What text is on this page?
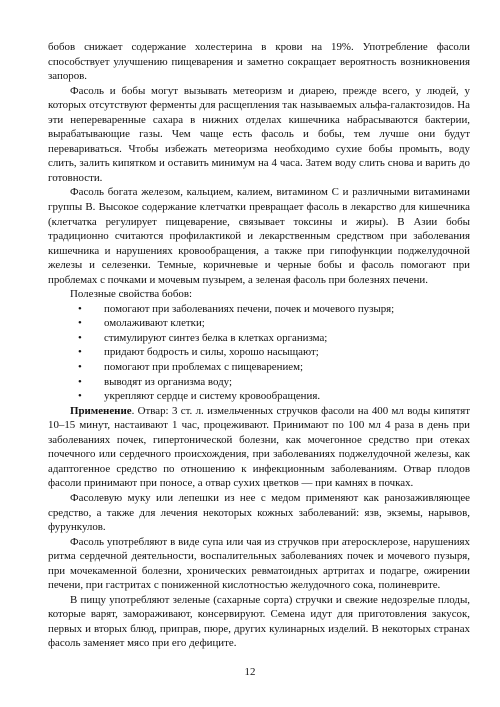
бобов снижает содержание холестерина в крови на 19%. Употребление фасоли способствует улучшению пищеварения и заметно сокращает вероятность возникновения запоров.

Фасоль и бобы могут вызывать метеоризм и диарею, прежде всего, у людей, у которых отсутствуют ферменты для расщепления так называемых альфа-галактозидов. На эти непереваренные сахара в нижних отделах кишечника набрасываются бактерии, вырабатывающие газы. Чем чаще есть фасоль и бобы, тем лучше они будут перевариваться. Чтобы избежать метеоризма необходимо сухие бобы промыть, воду слить, залить кипятком и оставить минимум на 4 часа. Затем воду слить снова и варить до готовности.

Фасоль богата железом, кальцием, калием, витамином С и различными витаминами группы В. Высокое содержание клетчатки превращает фасоль в лекарство для кишечника (клетчатка регулирует пищеварение, связывает токсины и жиры). В Азии бобы традиционно считаются профилактикой и лекарственным средством при заболевания кишечника и нарушениях кровообращения, а также при гипофункции поджелудочной железы и селезенки. Темные, коричневые и черные бобы и фасоль помогают при проблемах с почками и мочевым пузырем, а зеленая фасоль при болезнях печени.

Полезные свойства бобов:

• помогают при заболеваниях печени, почек и мочевого пузыря;
• омолаживают клетки;
• стимулируют синтез белка в клетках организма;
• придают бодрость и силы, хорошо насыщают;
• помогают при проблемах с пищеварением;
• выводят из организма воду;
• укрепляют сердце и систему кровообращения.

Применение. Отвар: 3 ст. л. измельченных стручков фасоли на 400 мл воды кипятят 10–15 минут, настаивают 1 час, процеживают. Принимают по 100 мл 4 раза в день при заболеваниях почек, гипертонической болезни, как мочегонное средство при отеках почечного или сердечного происхождения, при заболеваниях поджелудочной железы, как адаптогенное средство по отношению к инфекционным заболеваниям. Отвар плодов фасоли принимают при поносе, а отвар сухих цветков — при камнях в почках.

Фасолевую муку или лепешки из нее с медом применяют как ранозаживляющее средство, а также для лечения некоторых кожных заболеваний: язв, экземы, нарывов, фурункулов.

Фасоль употребляют в виде супа или чая из стручков при атеросклерозе, нарушениях ритма сердечной деятельности, воспалительных заболеваниях почек и мочевого пузыря, при мочекаменной болезни, хронических ревматоидных артритах и подагре, ожирении печени, при гастритах с пониженной кислотностью желудочного сока, полиневрите.

В пищу употребляют зеленые (сахарные сорта) стручки и свежие недозрелые плоды, которые варят, замораживают, консервируют. Семена идут для приготовления закусок, первых и вторых блюд, приправ, пюре, других кулинарных изделий. В некоторых странах фасоль заменяет мясо при его дефиците.

12
